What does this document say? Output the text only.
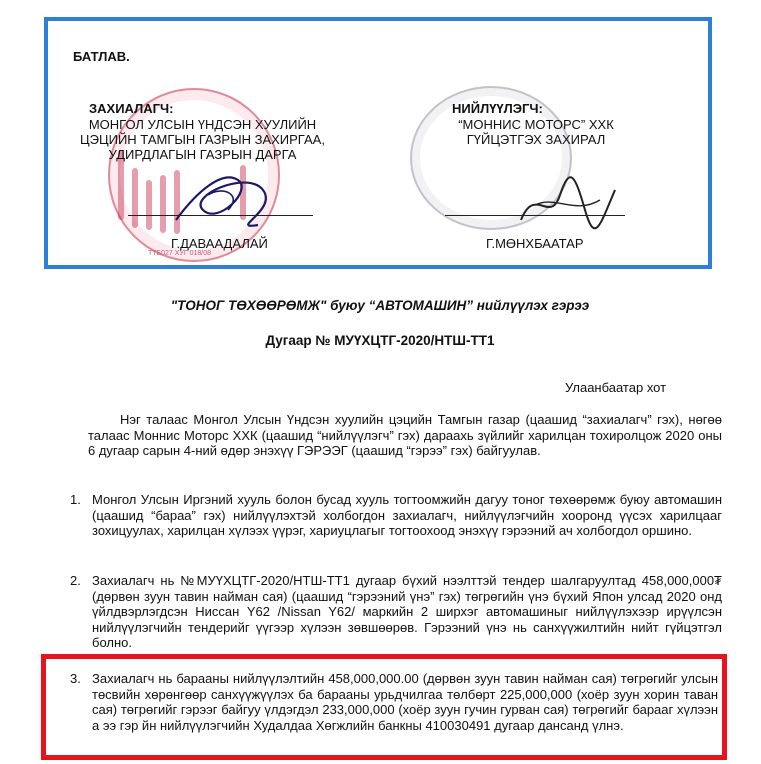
БАТЛАВ.
ЗАХИАЛАГЧ:
МОНГОЛ УЛСЫН ҮНДСЭН ХУУЛИЙН
ЦЭЦИЙН ТАМГЫН ГАЗРЫН ЗАХИРГАА,
УДИРДЛАГЫН ГАЗРЫН ДАРГА
Г.ДАВААДАЛАЙ
ТТБ027 ХУГ 018/08
НИЙЛҮҮЛЭГЧ:
“МОННИС МОТОРС” ХХК
ГҮЙЦЭТГЭХ ЗАХИРАЛ
Г.МӨНХБААТАР
"ТОНОГ ТӨХӨӨРӨМЖ" буюу “АВТОМАШИН” нийлүүлэх гэрээ
Дугаар № МУҮХЦТГ-2020/НТШ-ТТ1
Улаанбаатар хот
Нэг талаас Монгол Улсын Үндсэн хуулийн цэцийн Тамгын газар (цаашид “захиалагч” гэх), нөгөө талаас Моннис Моторс ХХК (цаашид “нийлүүлэгч” гэх) дараахь зүйлийг харилцан тохиролцож 2020 оны 6 дугаар сарын 4-ний өдөр энэхүү ГЭРЭЭГ (цаашид “гэрээ” гэх) байгуулав.
1. Монгол Улсын Иргэний хууль болон бусад хууль тогтоомжийн дагуу тоног төхөөрөмж буюу автомашин (цаашид “бараа” гэх) нийлүүлэхтэй холбогдон захиалагч, нийлүүлэгчийн хооронд үүсэх харилцааг зохицуулах, харилцан хүлээх үүрэг, хариуцлагыг тогтоохоод энэхүү гэрээний ач холбогдол оршино.
2. Захиалагч нь №МУҮХЦТГ-2020/НТШ-ТТ1 дугаар бүхий нээлттэй тендер шалгаруултад 458,000,000₮ (дөрвөн зуун тавин найман сая) (цаашид “гэрээний үнэ” гэх) төгрөгийн үнэ бүхий Япон улсад 2020 онд үйлдвэрлэгдсэн Ниссан Y62 /Nissan Y62/ маркийн 2 ширхэг автомашиныг нийлүүлэхээр ирүүлсэн нийлүүлэгчийн тендерийг үүгээр хүлээн зөвшөөрөв. Гэрээний үнэ нь санхүүжилтийн нийт гүйцэтгэл болно.
3. Захиалагч нь барааны нийлүүлэлтийн 458,000,000.00 (дөрвөн зуун тавин найман сая) төгрөгийг улсын төсвийн хөрөнгөөр санхүүжүүлэх ба барааны урьдчилгаа төлбөрт 225,000,000 (хоёр зуун хорин таван сая) төгрөгийг гэрээг байгуу үлдэгдэл 233,000,000 (хоёр зуун гучин гурван сая) төгрөгийг барааг хүлээн а ээ гэр йн нийлүүлэгчийн Худалдаа Хөгжлийн банкны 410030491 дугаар дансанд үлнэ.
